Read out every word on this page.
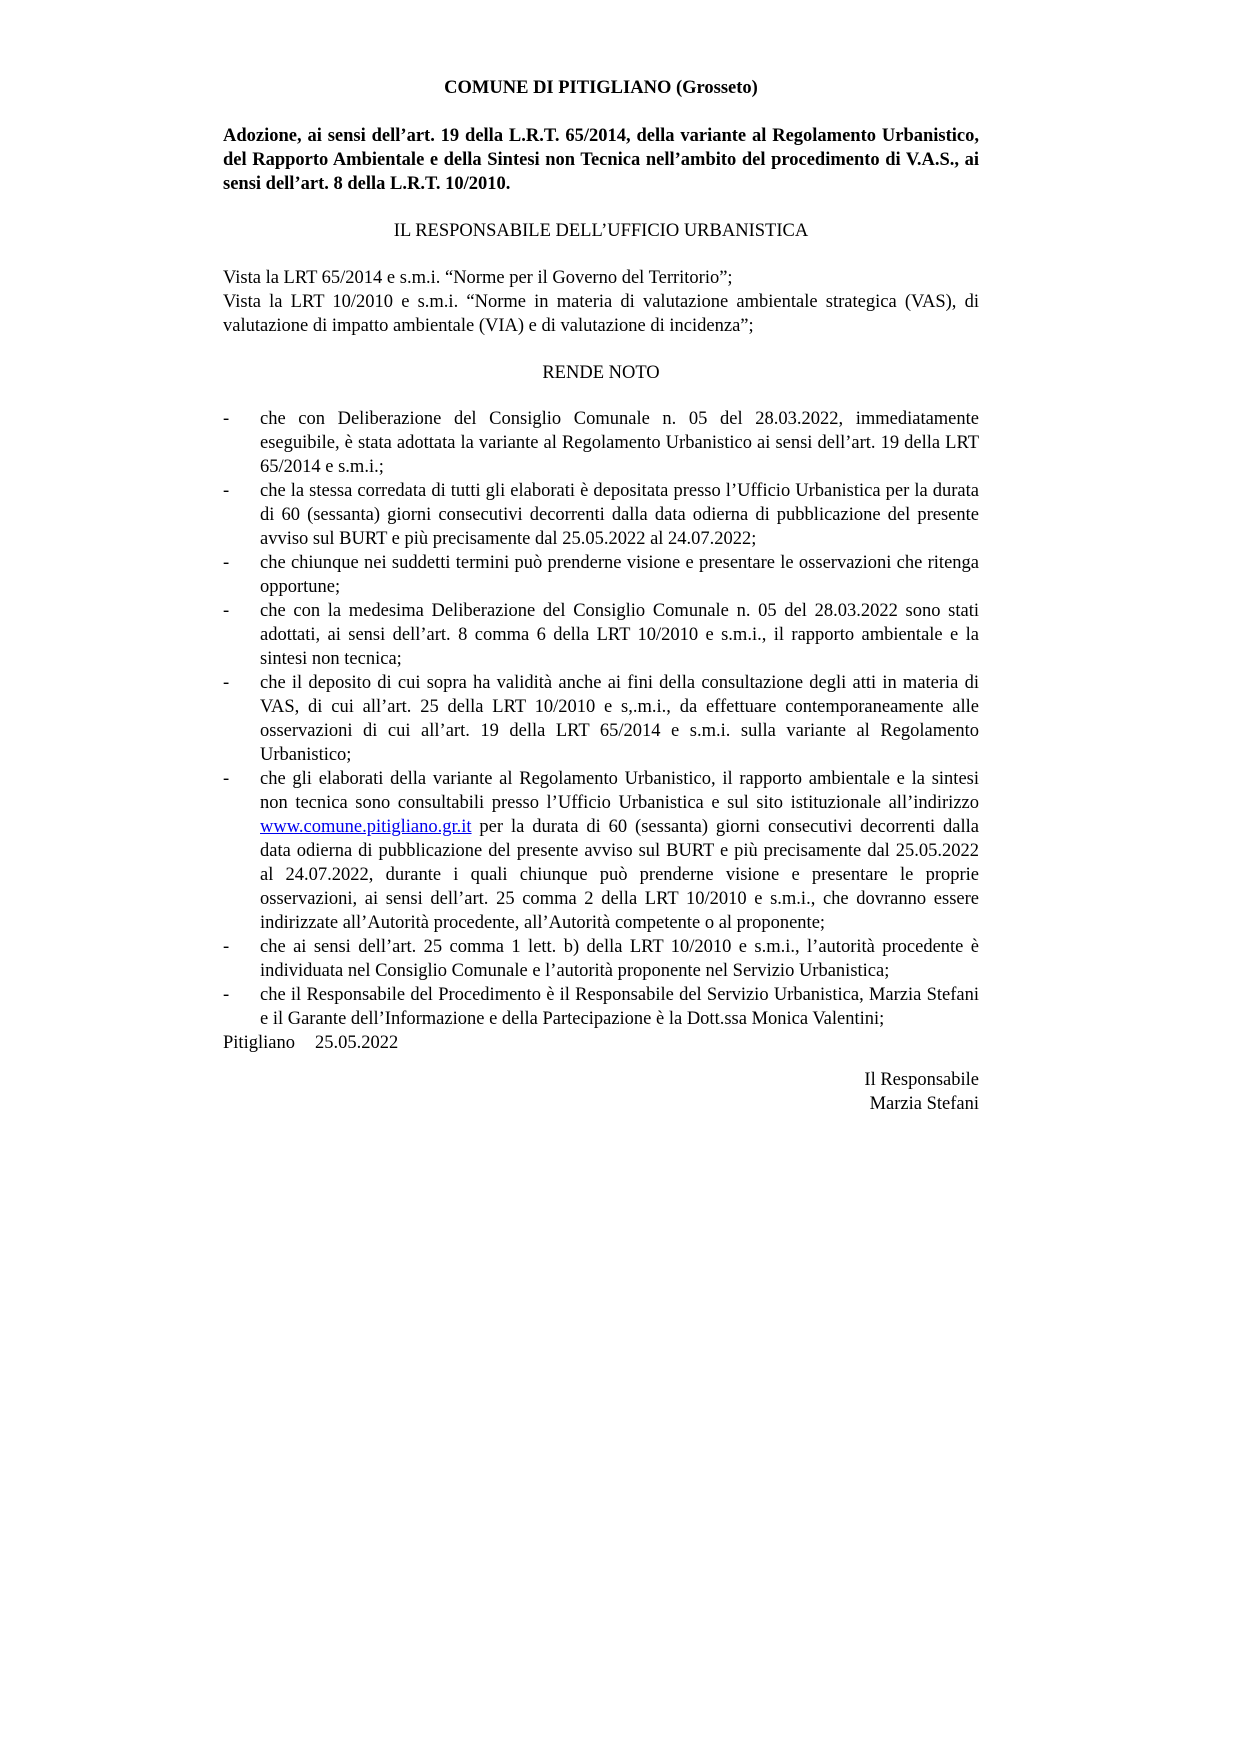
COMUNE DI PITIGLIANO (Grosseto)

Adozione, ai sensi dell’art. 19 della L.R.T. 65/2014, della variante al Regolamento Urbanistico, del Rapporto Ambientale e della Sintesi non Tecnica nell’ambito del procedimento di V.A.S., ai sensi dell’art. 8 della L.R.T. 10/2010.

IL RESPONSABILE DELL’UFFICIO URBANISTICA

Vista la LRT 65/2014 e s.m.i. “Norme per il Governo del Territorio”;

Vista la LRT 10/2010 e s.m.i. “Norme in materia di valutazione ambientale strategica (VAS), di valutazione di impatto ambientale (VIA) e di valutazione di incidenza”;

RENDE NOTO

- che con Deliberazione del Consiglio Comunale n. 05 del 28.03.2022, immediatamente eseguibile, è stata adottata la variante al Regolamento Urbanistico ai sensi dell’art. 19 della LRT 65/2014 e s.m.i.;
- che la stessa corredata di tutti gli elaborati è depositata presso l’Ufficio Urbanistica per la durata di 60 (sessanta) giorni consecutivi decorrenti dalla data odierna di pubblicazione del presente avviso sul BURT e più precisamente dal 25.05.2022 al 24.07.2022;
- che chiunque nei suddetti termini può prenderne visione e presentare le osservazioni che ritenga opportune;
- che con la medesima Deliberazione del Consiglio Comunale n. 05 del 28.03.2022 sono stati adottati, ai sensi dell’art. 8 comma 6 della LRT 10/2010 e s.m.i., il rapporto ambientale e la sintesi non tecnica;
- che il deposito di cui sopra ha validità anche ai fini della consultazione degli atti in materia di VAS, di cui all’art. 25 della LRT 10/2010 e s,.m.i., da effettuare contemporaneamente alle osservazioni di cui all’art. 19 della LRT 65/2014 e s.m.i. sulla variante al Regolamento Urbanistico;
- che gli elaborati della variante al Regolamento Urbanistico, il rapporto ambientale e la sintesi non tecnica sono consultabili presso l’Ufficio Urbanistica e sul sito istituzionale all’indirizzo www.comune.pitigliano.gr.it per la durata di 60 (sessanta) giorni consecutivi decorrenti dalla data odierna di pubblicazione del presente avviso sul BURT e più precisamente dal 25.05.2022 al 24.07.2022, durante i quali chiunque può prenderne visione e presentare le proprie osservazioni, ai sensi dell’art. 25 comma 2 della LRT 10/2010 e s.m.i., che dovranno essere indirizzate all’Autorità procedente, all’Autorità competente o al proponente;
- che ai sensi dell’art. 25 comma 1 lett. b) della LRT 10/2010 e s.m.i., l’autorità procedente è individuata nel Consiglio Comunale e l’autorità proponente nel Servizio Urbanistica;
- che il Responsabile del Procedimento è il Responsabile del Servizio Urbanistica, Marzia Stefani e il Garante dell’Informazione e della Partecipazione è la Dott.ssa Monica Valentini;

Pitigliano 25.05.2022

Il Responsabile

Marzia Stefani
